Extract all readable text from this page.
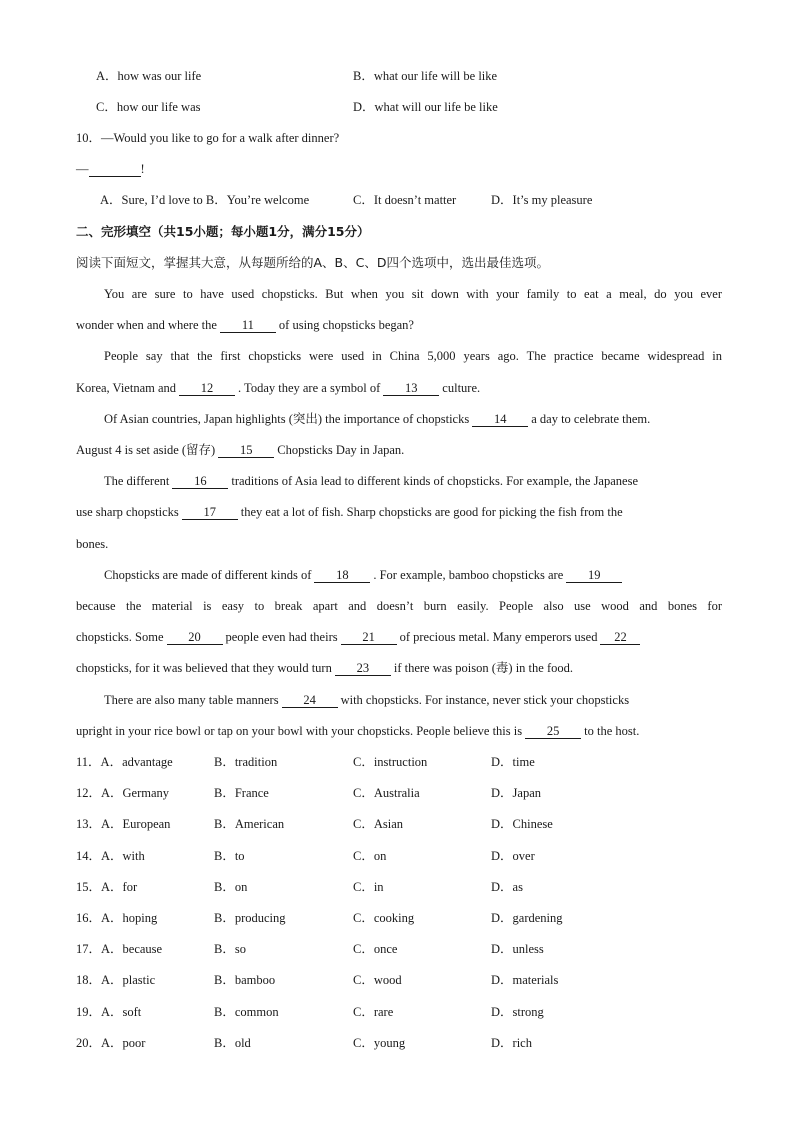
A．how was our life	B．what our life will be like
C．how our life was	D．what will our life be like
10．—Would you like to go for a walk after dinner?
—	!
A．Sure, I’d love to B．You’re welcome	C．It doesn’t matter	D．It’s my pleasure
二、完形填空（共15小题；每小题1分，满分15分）
阅读下面短文，掌握其大意，从每题所给的A、B、C、D四个选项中，选出最佳选项。
You are sure to have used chopsticks. But when you sit down with your family to eat a meal, do you ever
wonder when and where the 11 of using chopsticks began?
People say that the first chopsticks were used in China 5,000 years ago. The practice became widespread in
Korea, Vietnam and 12 . Today they are a symbol of 13 culture.
Of Asian countries, Japan highlights (突出) the importance of chopsticks 14 a day to celebrate them.
August 4 is set aside (留存) 15 Chopsticks Day in Japan.
The different 16 traditions of Asia lead to different kinds of chopsticks. For example, the Japanese
use sharp chopsticks 17 they eat a lot of fish. Sharp chopsticks are good for picking the fish from the
bones.
Chopsticks are made of different kinds of 18 . For example, bamboo chopsticks are 19
because the material is easy to break apart and doesn’t burn easily. People also use wood and bones for
chopsticks. Some 20 people even had theirs 21 of precious metal. Many emperors used 22
chopsticks, for it was believed that they would turn 23 if there was poison (毒) in the food.
There are also many table manners 24 with chopsticks. For instance, never stick your chopsticks
upright in your rice bowl or tap on your bowl with your chopsticks. People believe this is 25 to the host.
11．A．advantage	B．tradition	C．instruction	D．time
12．A．Germany	B．France	C．Australia	D．Japan
13．A．European	B．American	C．Asian	D．Chinese
14．A．with	B．to	C．on	D．over
15．A．for	B．on	C．in	D．as
16．A．hoping	B．producing	C．cooking	D．gardening
17．A．because	B．so	C．once	D．unless
18．A．plastic	B．bamboo	C．wood	D．materials
19．A．soft	B．common	C．rare	D．strong
20．A．poor	B．old	C．young	D．rich
